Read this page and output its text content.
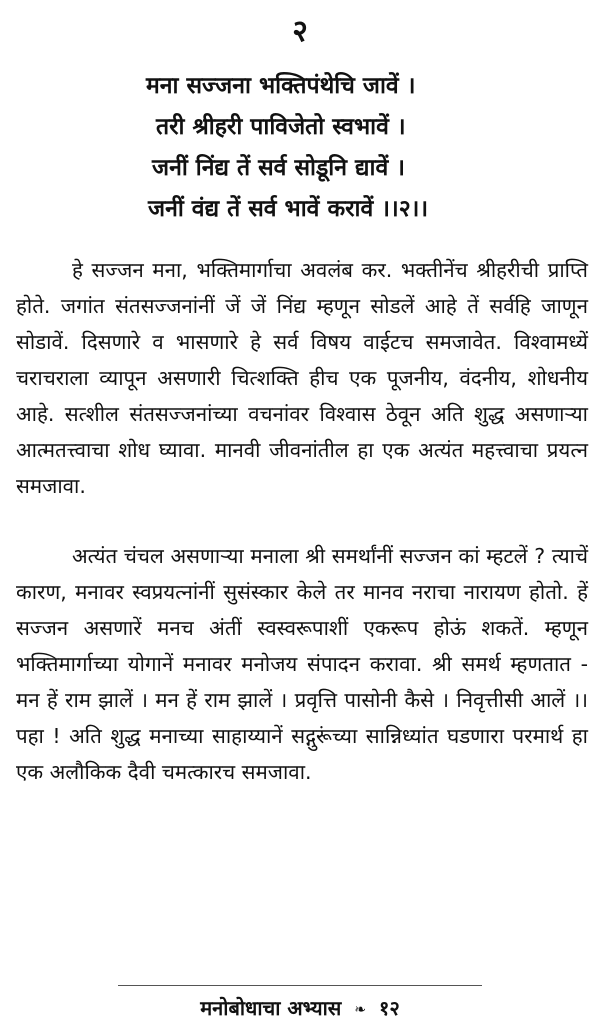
२
मना सज्जना भक्तिपंथेचि जावें ।
तरी श्रीहरी पाविजेतो स्वभावें ।
जनीं निंद्य तें सर्व सोडूनि द्यावें ।
जनीं वंद्य तें सर्व भावें करावें ।।२।।

हे सज्जन मना, भक्तिमार्गाचा अवलंब कर. भक्तीनेंच श्रीहरीची प्राप्ति होते. जगांत संतसज्जनांनीं जें जें निंद्य म्हणून सोडलें आहे तें सर्वहि जाणून सोडावें. दिसणारे व भासणारे हे सर्व विषय वाईटच समजावेत. विश्वामध्यें चराचराला व्यापून असणारी चित्शक्ति हीच एक पूजनीय, वंदनीय, शोधनीय आहे. सत्शील संतसज्जनांच्या वचनांवर विश्वास ठेवून अति शुद्ध असणाऱ्या आत्मतत्त्वाचा शोध घ्यावा. मानवी जीवनांतील हा एक अत्यंत महत्त्वाचा प्रयत्न समजावा.

अत्यंत चंचल असणाऱ्या मनाला श्री समर्थांनीं सज्जन कां म्हटलें ? त्याचें कारण, मनावर स्वप्रयत्नांनीं सुसंस्कार केले तर मानव नराचा नारायण होतो. हें सज्जन असणारें मनच अंतीं स्वस्वरूपाशीं एकरूप होऊं शकतें. म्हणून भक्तिमार्गाच्या योगानें मनावर मनोजय संपादन करावा. श्री समर्थ म्हणतात - मन हें राम झालें । मन हें राम झालें । प्रवृत्ति पासोनी कैसे । निवृत्तीसी आलें ।। पहा ! अति शुद्ध मनाच्या साहाय्यानें सद्गुरूंच्या सान्निध्यांत घडणारा परमार्थ हा एक अलौकिक दैवी चमत्कारच समजावा.

मनोबोधाचा अभ्यास ❧ १२
